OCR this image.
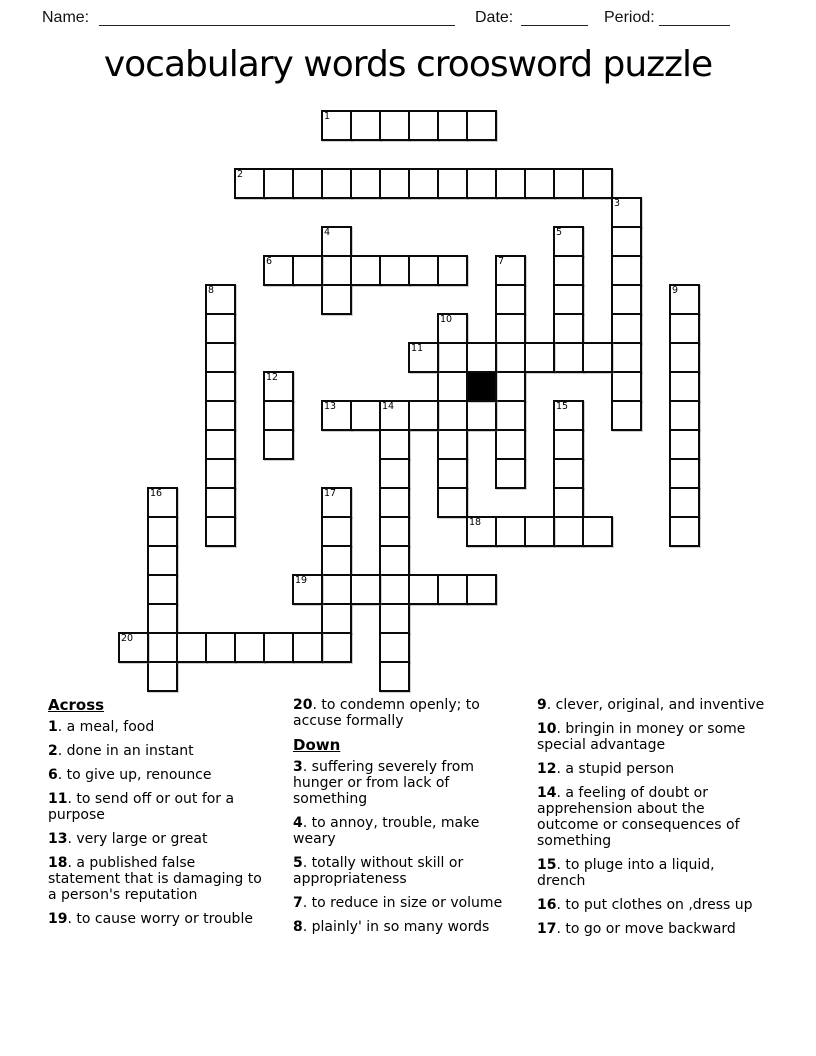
Name:	Date:	Period:
vocabulary words croosword puzzle
1
2
3
4	5
6	7
8	9
10
11
12
13	14	15
16	17
18
19
20
Across
1. a meal, food
2. done in an instant
6. to give up, renounce
11. to send off or out for a purpose
13. very large or great
18. a published false statement that is damaging to a person's reputation
19. to cause worry or trouble
20. to condemn openly; to accuse formally
Down
3. suffering severely from hunger or from lack of something
4. to annoy, trouble, make weary
5. totally without skill or appropriateness
7. to reduce in size or volume
8. plainly' in so many words
9. clever, original, and inventive
10. bringin in money or some special advantage
12. a stupid person
14. a feeling of doubt or apprehension about the outcome or consequences of something
15. to pluge into a liquid, drench
16. to put clothes on ,dress up
17. to go or move backward
